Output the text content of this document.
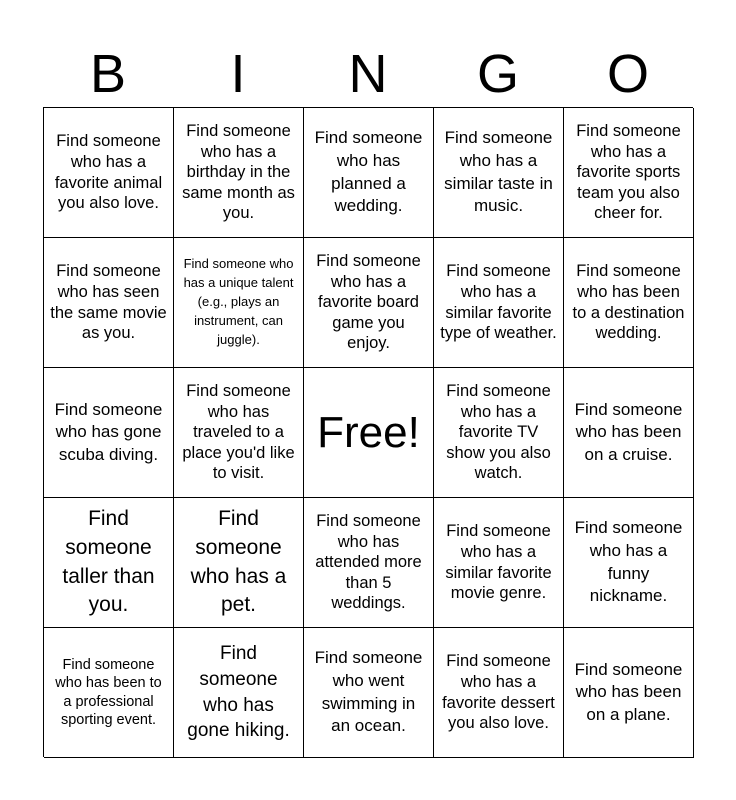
B	I	N	G	O
Find someone who has a favorite animal you also love.
Find someone who has a birthday in the same month as you.
Find someone who has planned a wedding.
Find someone who has a similar taste in music.
Find someone who has a favorite sports team you also cheer for.
Find someone who has seen the same movie as you.
Find someone who has a unique talent (e.g., plays an instrument, can juggle).
Find someone who has a favorite board game you enjoy.
Find someone who has a similar favorite type of weather.
Find someone who has been to a destination wedding.
Find someone who has gone scuba diving.
Find someone who has traveled to a place you'd like to visit.
Free!
Find someone who has a favorite TV show you also watch.
Find someone who has been on a cruise.
Find someone taller than you.
Find someone who has a pet.
Find someone who has attended more than 5 weddings.
Find someone who has a similar favorite movie genre.
Find someone who has a funny nickname.
Find someone who has been to a professional sporting event.
Find someone who has gone hiking.
Find someone who went swimming in an ocean.
Find someone who has a favorite dessert you also love.
Find someone who has been on a plane.
